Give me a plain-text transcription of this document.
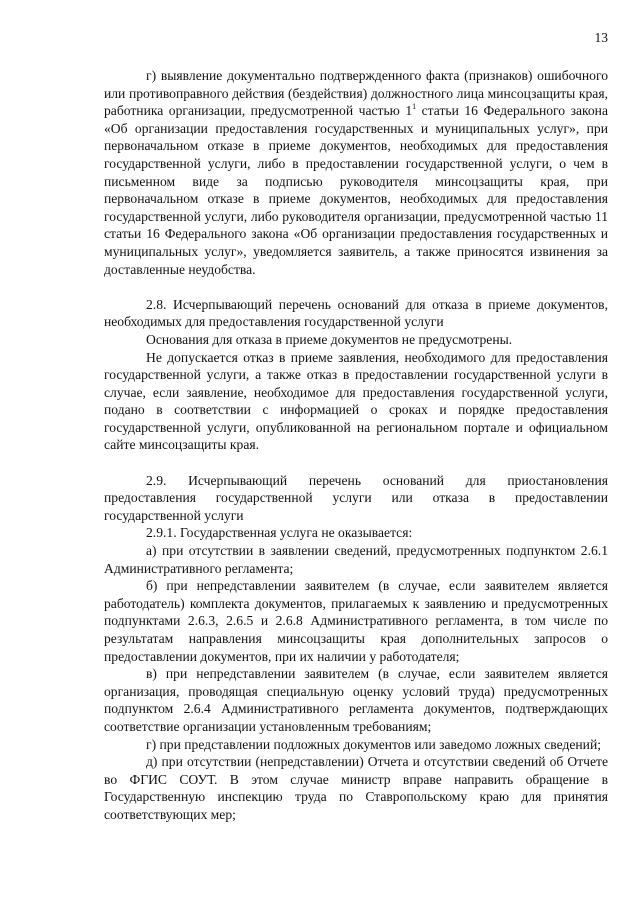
13

г) выявление документально подтвержденного факта (признаков) ошибочного или противоправного действия (бездействия) должностного лица минсоцзащиты края, работника организации, предусмотренной частью $1^1$ статьи 16 Федерального закона «Об организации предоставления государственных и муниципальных услуг», при первоначальном отказе в приеме документов, необходимых для предоставления государственной услуги, либо в предоставлении государственной услуги, о чем в письменном виде за подписью руководителя минсоцзащиты края, при первоначальном отказе в приеме документов, необходимых для предоставления государственной услуги, либо руководителя организации, предусмотренной частью 11 статьи 16 Федерального закона «Об организации предоставления государственных и муниципальных услуг», уведомляется заявитель, а также приносятся извинения за доставленные неудобства.

2.8. Исчерпывающий перечень оснований для отказа в приеме документов, необходимых для предоставления государственной услуги

Основания для отказа в приеме документов не предусмотрены.

Не допускается отказ в приеме заявления, необходимого для предоставления государственной услуги, а также отказ в предоставлении государственной услуги в случае, если заявление, необходимое для предоставления государственной услуги, подано в соответствии с информацией о сроках и порядке предоставления государственной услуги, опубликованной на региональном портале и официальном сайте минсоцзащиты края.

2.9. Исчерпывающий перечень оснований для приостановления предоставления государственной услуги или отказа в предоставлении государственной услуги

2.9.1. Государственная услуга не оказывается:

а) при отсутствии в заявлении сведений, предусмотренных подпунктом 2.6.1 Административного регламента;

б) при непредставлении заявителем (в случае, если заявителем является работодатель) комплекта документов, прилагаемых к заявлению и предусмотренных подпунктами 2.6.3, 2.6.5 и 2.6.8 Административного регламента, в том числе по результатам направления минсоцзащиты края дополнительных запросов о предоставлении документов, при их наличии у работодателя;

в) при непредставлении заявителем (в случае, если заявителем является организация, проводящая специальную оценку условий труда) предусмотренных подпунктом 2.6.4 Административного регламента документов, подтверждающих соответствие организации установленным требованиям;

г) при представлении подложных документов или заведомо ложных сведений;

д) при отсутствии (непредставлении) Отчета и отсутствии сведений об Отчете во ФГИС СОУТ. В этом случае министр вправе направить обращение в Государственную инспекцию труда по Ставропольскому краю для принятия соответствующих мер;
